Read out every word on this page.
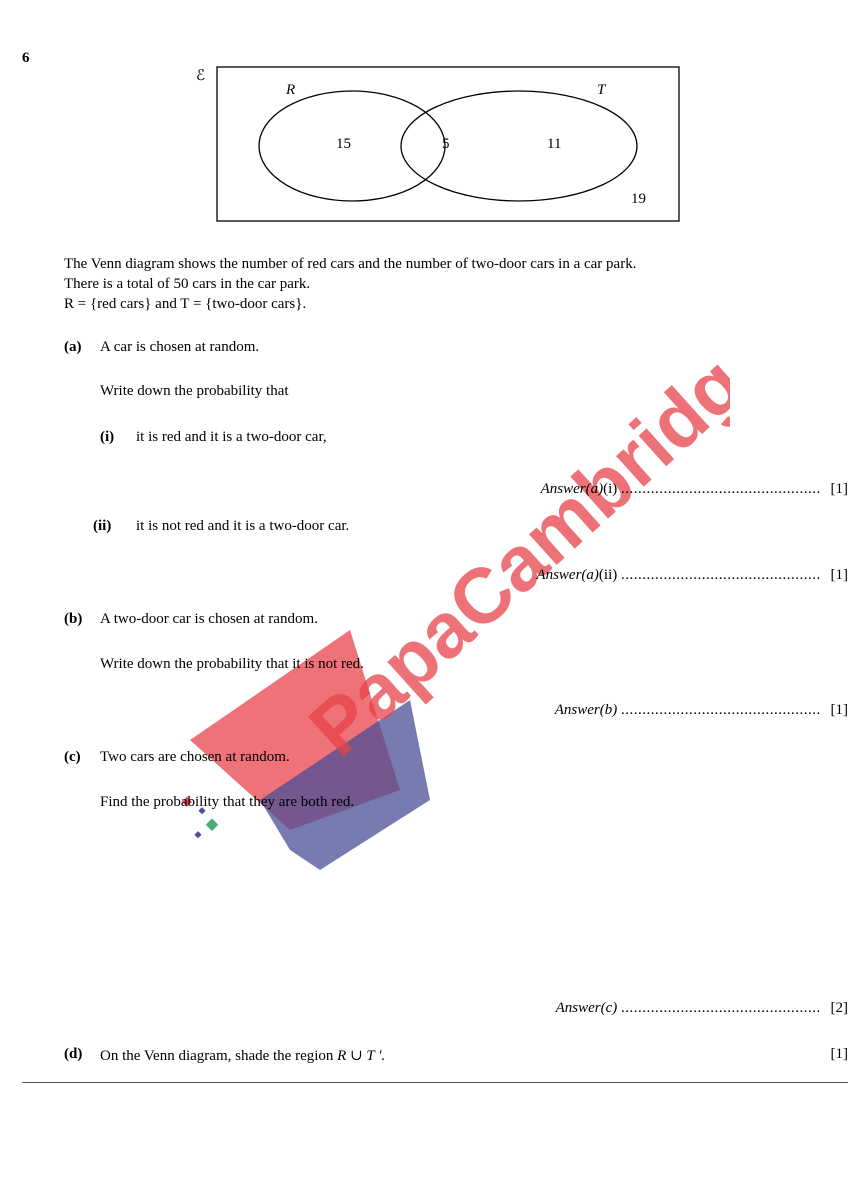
6
ℰ
R	T
15	5	11
19
PapaCambridge
The Venn diagram shows the number of red cars and the number of two-door cars in a car park.
There is a total of 50 cars in the car park.
R = {red cars} and T = {two-door cars}.
(a) A car is chosen at random.
Write down the probability that
(i) it is red and it is a two-door car,
Answer(a)(i) ............................................... [1]
(ii) it is not red and it is a two-door car.
Answer(a)(ii) ............................................... [1]
(b) A two-door car is chosen at random.
Write down the probability that it is not red.
Answer(b) ............................................... [1]
(c) Two cars are chosen at random.
Find the probability that they are both red.
Answer(c) ............................................... [2]
(d) On the Venn diagram, shade the region R ∪ T ′.	[1]
